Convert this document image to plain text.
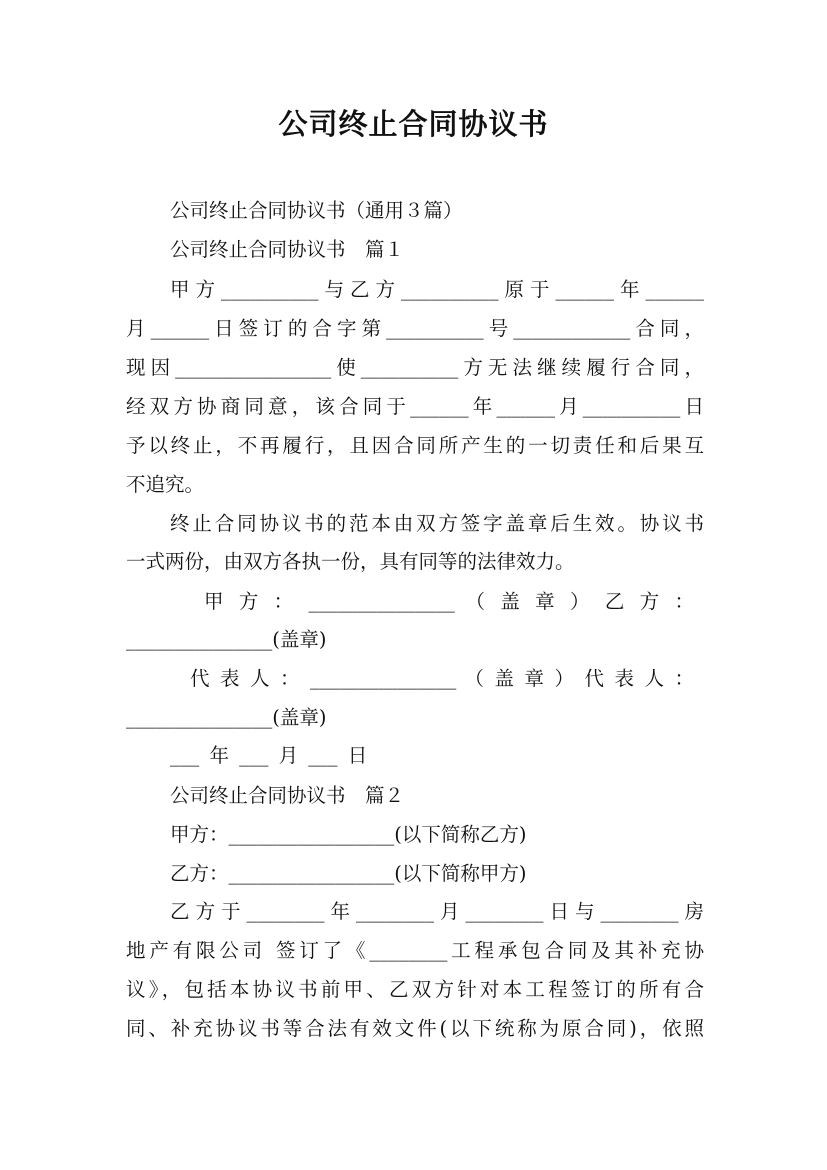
公司终止合同协议书
公司终止合同协议书（通用３篇）
公司终止合同协议书　篇１
甲方__________与乙方__________原于______年______
月______日签订的合字第__________号____________合同，
现因________________使__________方无法继续履行合同，
经双方协商同意，该合同于______年______月__________日
予以终止，不再履行，且因合同所产生的一切责任和后果互
不追究。
终止合同协议书的范本由双方签字盖章后生效。协议书
一式两份，由双方各执一份，具有同等的法律效力。
甲 方 ： _______________ （ 盖 章 ） 乙 方 ：
_______________(盖章)
代 表 人 ： _______________ （ 盖 章 ） 代 表 人 ：
_______________(盖章)
___ 年 ___ 月 ___ 日
公司终止合同协议书　篇２
甲方：_________________(以下简称乙方)
乙方：_________________(以下简称甲方)
乙方于________年________月________日与________房
地产有限公司 签订了《________工程承包合同及其补充协
议》，包括本协议书前甲、乙双方针对本工程签订的所有合
同、补充协议书等合法有效文件(以下统称为原合同)，依照
